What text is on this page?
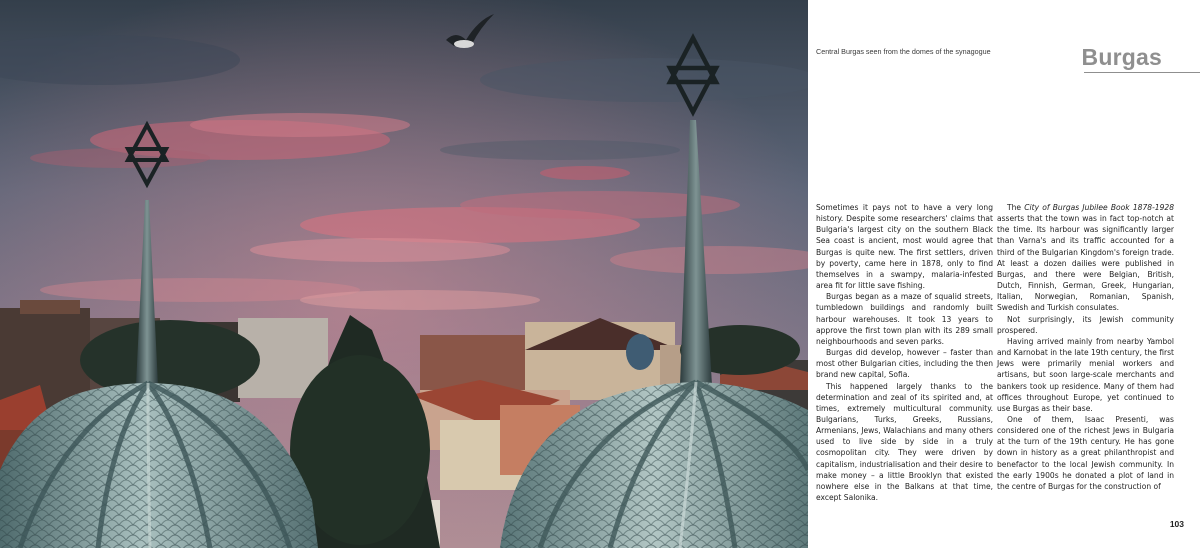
Central Burgas seen from the domes of the synagogue	Burgas

Sometimes it pays not to have a very long history. Despite some researchers' claims that Bulgaria's largest city on the southern Black Sea coast is ancient, most would agree that Burgas is quite new. The first settlers, driven by poverty, came here in 1878, only to find themselves in a swampy, malaria-infested area fit for little save fishing.

Burgas began as a maze of squalid streets, tumbledown buildings and randomly built harbour warehouses. It took 13 years to approve the first town plan with its 289 small neighbourhoods and seven parks.

Burgas did develop, however – faster than most other Bulgarian cities, including the then brand new capital, Sofia.

This happened largely thanks to the determination and zeal of its spirited and, at times, extremely multicultural community. Bulgarians, Turks, Greeks, Russians, Armenians, Jews, Walachians and many others used to live side by side in a truly cosmopolitan city. They were driven by capitalism, industrialisation and their desire to make money – a little Brooklyn that existed nowhere else in the Balkans at that time, except Salonika.

The City of Burgas Jubilee Book 1878-1928 asserts that the town was in fact top-notch at the time. Its harbour was significantly larger than Varna's and its traffic accounted for a third of the Bulgarian Kingdom's foreign trade. At least a dozen dailies were published in Burgas, and there were Belgian, British, Dutch, Finnish, German, Greek, Hungarian, Italian, Norwegian, Romanian, Spanish, Swedish and Turkish consulates.

Not surprisingly, its Jewish community prospered.

Having arrived mainly from nearby Yambol and Karnobat in the late 19th century, the first Jews were primarily menial workers and artisans, but soon large-scale merchants and bankers took up residence. Many of them had offices throughout Europe, yet continued to use Burgas as their base.

One of them, Isaac Presenti, was considered one of the richest Jews in Bulgaria at the turn of the 19th century. He has gone down in history as a great philanthropist and benefactor to the local Jewish community. In the early 1900s he donated a plot of land in the centre of Burgas for the construction of

103
